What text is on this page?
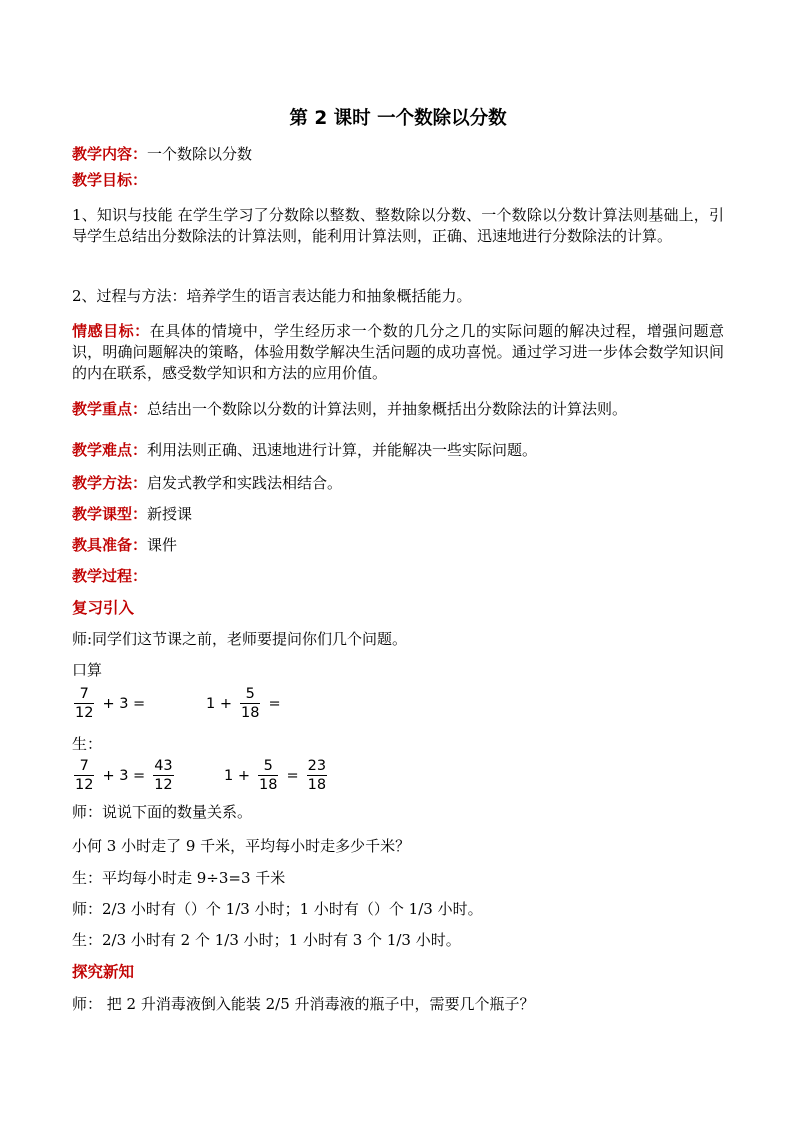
第 2 课时 一个数除以分数
教学内容：一个数除以分数
教学目标：
1、知识与技能 在学生学习了分数除以整数、整数除以分数、一个数除以分数计算法则基础上，引导学生总结出分数除法的计算法则，能利用计算法则，正确、迅速地进行分数除法的计算。
2、过程与方法：培养学生的语言表达能力和抽象概括能力。
情感目标：在具体的情境中，学生经历求一个数的几分之几的实际问题的解决过程，增强问题意识，明确问题解决的策略，体验用数学解决生活问题的成功喜悦。通过学习进一步体会数学知识间的内在联系，感受数学知识和方法的应用价值。
教学重点：总结出一个数除以分数的计算法则，并抽象概括出分数除法的计算法则。
教学难点：利用法则正确、迅速地进行计算，并能解决一些实际问题。
教学方法：启发式教学和实践法相结合。
教学课型：新授课
教具准备：课件
教学过程：
复习引入
师:同学们这节课之前，老师要提问你们几个问题。
口算
$\frac{7}{12} + 3$ =	$1 + \frac{5}{18}$ =
生：
$\frac{7}{12} + 3 = \frac{43}{12}$	$1 + \frac{5}{18} = \frac{23}{18}$
师：说说下面的数量关系。
小何 3 小时走了 9 千米，平均每小时走多少千米？
生：平均每小时走 9÷3=3 千米
师：2/3 小时有（）个 1/3 小时；1 小时有（）个 1/3 小时。
生：2/3 小时有 2 个 1/3 小时；1 小时有 3 个 1/3 小时。
探究新知
师： 把 2 升消毒液倒入能装 2/5 升消毒液的瓶子中，需要几个瓶子？
